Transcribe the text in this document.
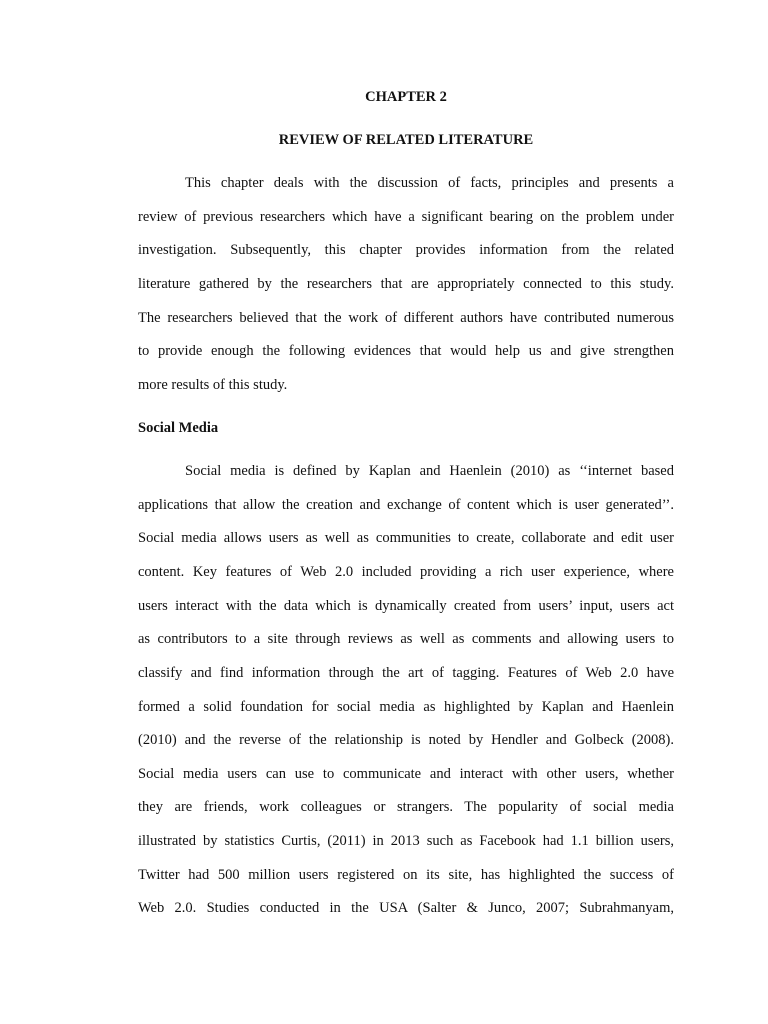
CHAPTER 2
REVIEW OF RELATED LITERATURE
This chapter deals with the discussion of facts, principles and presents a
review of previous researchers which have a significant bearing on the problem under
investigation. Subsequently, this chapter provides information from the related
literature gathered by the researchers that are appropriately connected to this study.
The researchers believed that the work of different authors have contributed numerous
to provide enough the following evidences that would help us and give strengthen
more results of this study.
Social Media
Social media is defined by Kaplan and Haenlein (2010) as ‘‘internet based
applications that allow the creation and exchange of content which is user generated’’.
Social media allows users as well as communities to create, collaborate and edit user
content. Key features of Web 2.0 included providing a rich user experience, where
users interact with the data which is dynamically created from users’ input, users act
as contributors to a site through reviews as well as comments and allowing users to
classify and find information through the art of tagging. Features of Web 2.0 have
formed a solid foundation for social media as highlighted by Kaplan and Haenlein
(2010) and the reverse of the relationship is noted by Hendler and Golbeck (2008).
Social media users can use to communicate and interact with other users, whether
they are friends, work colleagues or strangers. The popularity of social media
illustrated by statistics Curtis, (2011) in 2013 such as Facebook had 1.1 billion users,
Twitter had 500 million users registered on its site, has highlighted the success of
Web 2.0. Studies conducted in the USA (Salter & Junco, 2007; Subrahmanyam,
